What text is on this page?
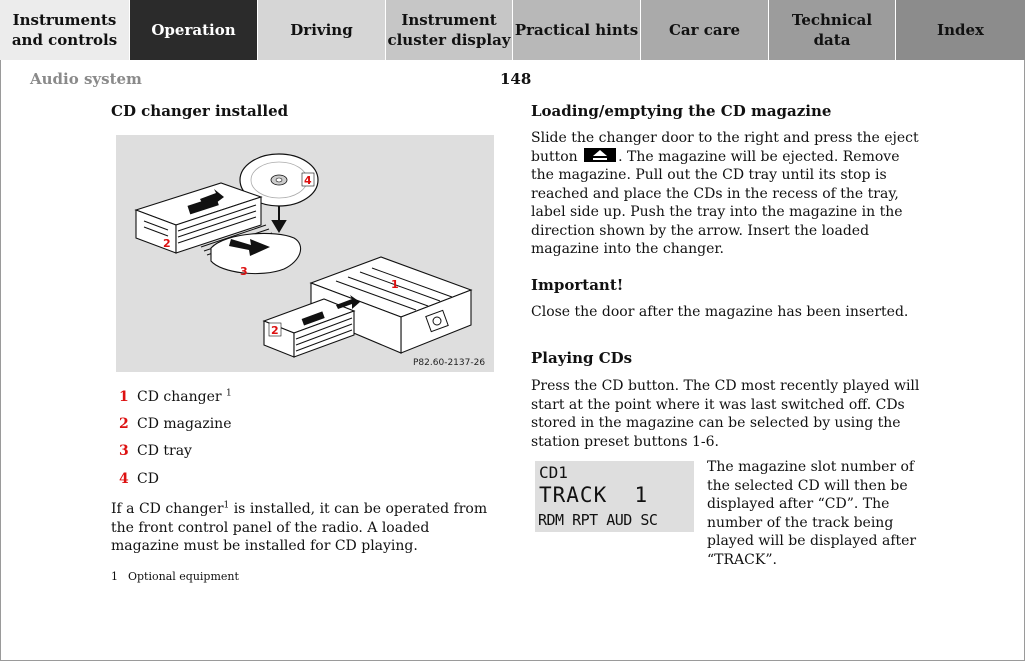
Instruments
and controls
Operation	Driving
Instrument
cluster display
Practical hints Car care
Technical
data
Index
Audio system	148
CD changer installed
2
3
4
1
2
P82.60-2137-26
1 CD changer $^1$
2 CD magazine
3 CD tray
4 CD

If a CD changer$^1$ is installed, it can be operated from the front control panel of the radio. A loaded magazine must be installed for CD playing.

1 Optional equipment
Loading/emptying the CD magazine

Slide the changer door to the right and press the eject button	. The magazine will be ejected. Remove the magazine. Pull out the CD tray until its stop is reached and place the CDs in the recess of the tray, label side up. Push the tray into the magazine in the direction shown by the arrow. Insert the loaded magazine into the changer.

Important!

Close the door after the magazine has been inserted.

Playing CDs

Press the CD button. The CD most recently played will start at the point where it was last switched off. CDs stored in the magazine can be selected by using the station preset buttons 1-6.

CD1
TRACK  1
RDM RPT AUD SC

The magazine slot number of the selected CD will then be displayed after “CD”. The number of the track being played will be displayed after “TRACK”.
